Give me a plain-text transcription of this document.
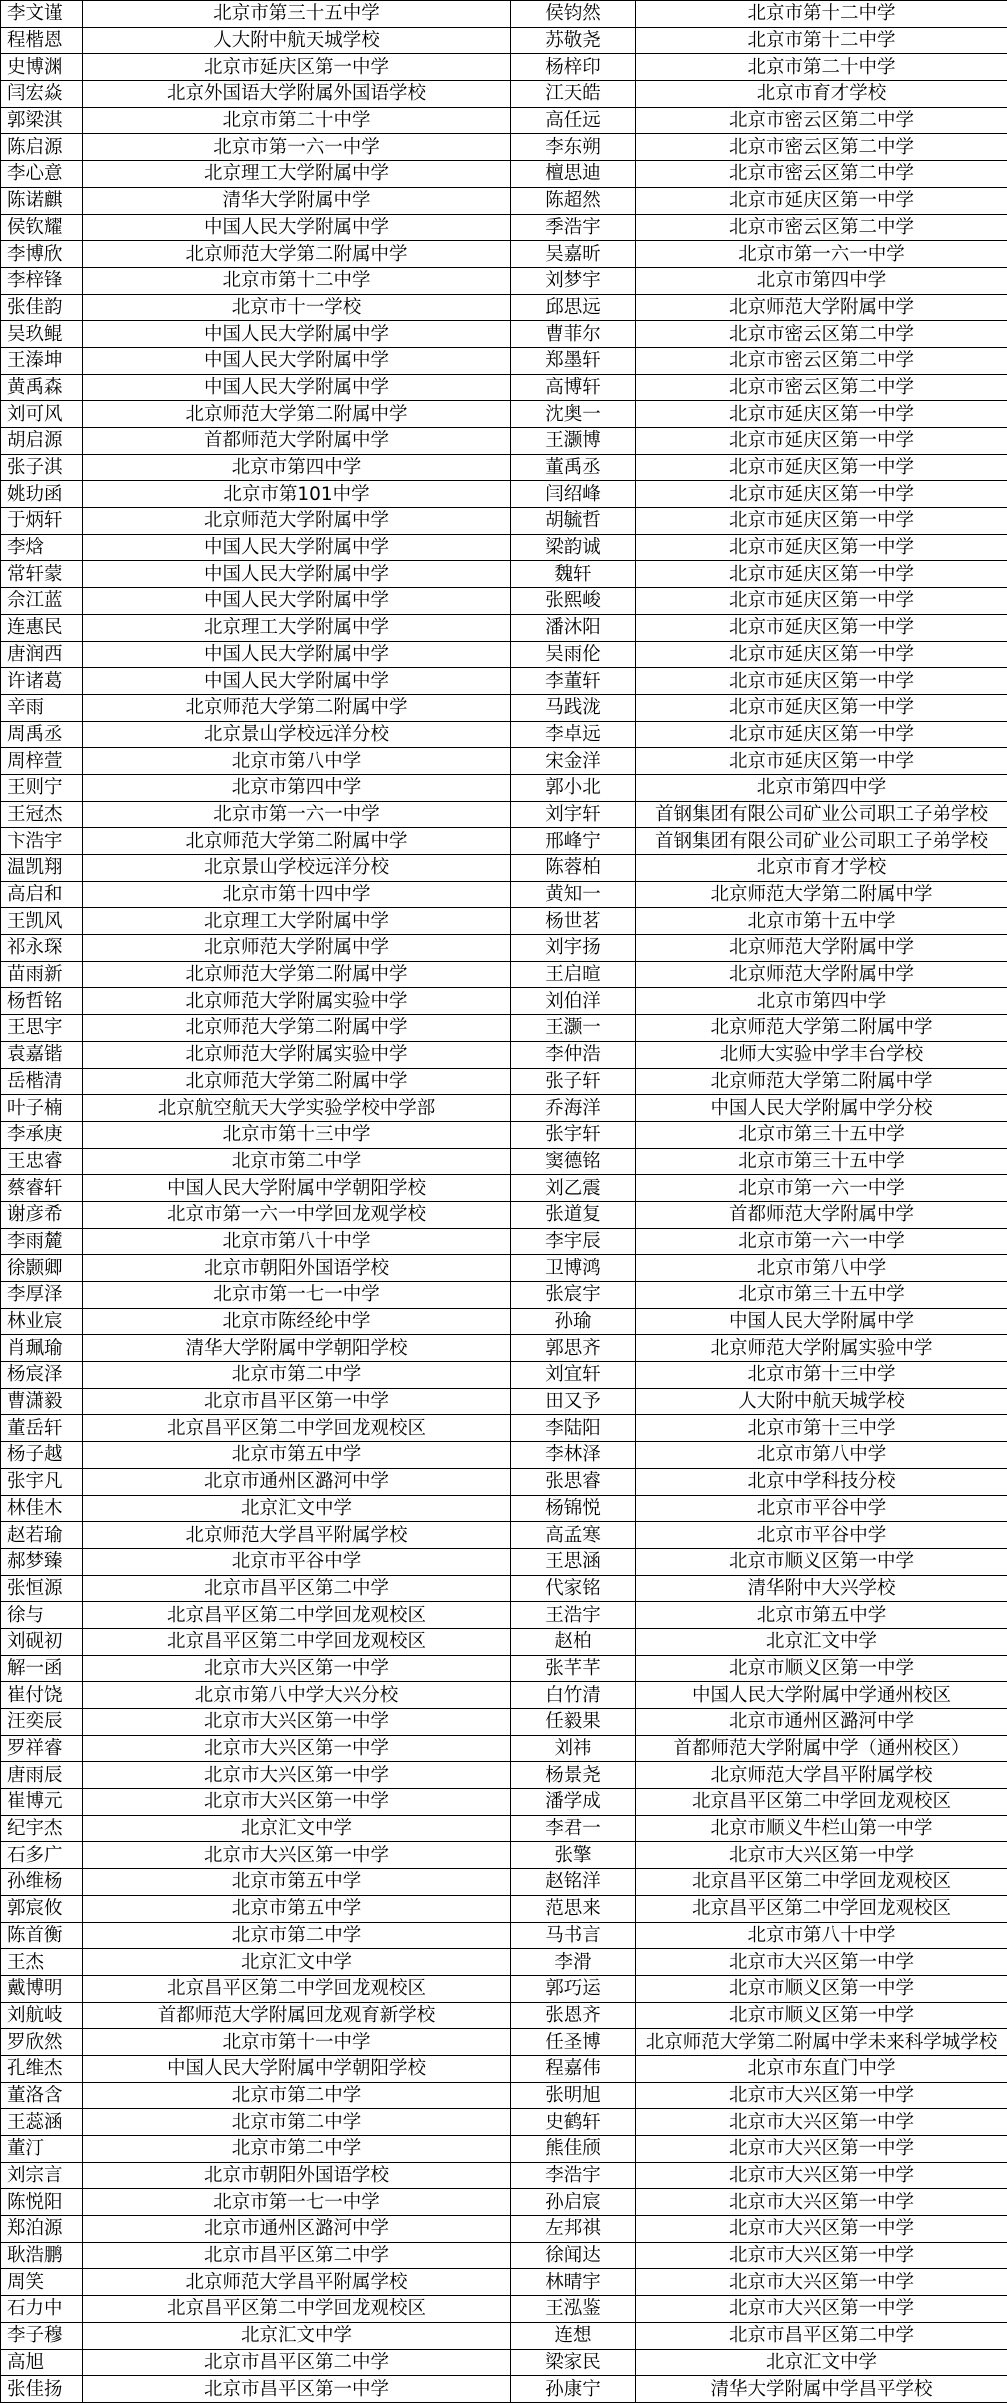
李文谨	北京市第三十五中学	侯钧然	北京市第十二中学
程楷恩	人大附中航天城学校	苏敬尧	北京市第十二中学
史博渊	北京市延庆区第一中学	杨梓印	北京市第二十中学
闫宏焱	北京外国语大学附属外国语学校	江天皓	北京市育才学校
郭梁淇	北京市第二十中学	高任远	北京市密云区第二中学
陈启源	北京市第一六一中学	李东朔	北京市密云区第二中学
李心意	北京理工大学附属中学	檀思迪	北京市密云区第二中学
陈诺麒	清华大学附属中学	陈超然	北京市延庆区第一中学
侯钦耀	中国人民大学附属中学	季浩宇	北京市密云区第二中学
李博欣	北京师范大学第二附属中学	吴嘉昕	北京市第一六一中学
李梓锋	北京市第十二中学	刘梦宇	北京市第四中学
张佳韵	北京市十一学校	邱思远	北京师范大学附属中学
吴玖鲲	中国人民大学附属中学	曹菲尔	北京市密云区第二中学
王溱坤	中国人民大学附属中学	郑墨轩	北京市密云区第二中学
黄禹森	中国人民大学附属中学	高博轩	北京市密云区第二中学
刘可风	北京师范大学第二附属中学	沈奥一	北京市延庆区第一中学
胡启源	首都师范大学附属中学	王灏博	北京市延庆区第一中学
张子淇	北京市第四中学	董禹丞	北京市延庆区第一中学
姚玏函	北京市第101中学	闫绍峰	北京市延庆区第一中学
于炳轩	北京师范大学附属中学	胡毓哲	北京市延庆区第一中学
李焓	中国人民大学附属中学	梁韵诚	北京市延庆区第一中学
常轩蒙	中国人民大学附属中学	魏轩	北京市延庆区第一中学
佘江蓝	中国人民大学附属中学	张熙峻	北京市延庆区第一中学
连惠民	北京理工大学附属中学	潘沐阳	北京市延庆区第一中学
唐润西	中国人民大学附属中学	吴雨伦	北京市延庆区第一中学
许诸葛	中国人民大学附属中学	李董轩	北京市延庆区第一中学
辛雨	北京师范大学第二附属中学	马践泷	北京市延庆区第一中学
周禹丞	北京景山学校远洋分校	李卓远	北京市延庆区第一中学
周梓萱	北京市第八中学	宋金洋	北京市延庆区第一中学
王则宁	北京市第四中学	郭小北	北京市第四中学
王冠杰	北京市第一六一中学	刘宇轩	首钢集团有限公司矿业公司职工子弟学校
卞浩宇	北京师范大学第二附属中学	邢峰宁	首钢集团有限公司矿业公司职工子弟学校
温凯翔	北京景山学校远洋分校	陈蓉柏	北京市育才学校
高启和	北京市第十四中学	黄知一	北京师范大学第二附属中学
王凯风	北京理工大学附属中学	杨世茗	北京市第十五中学
祁永琛	北京师范大学附属中学	刘宇扬	北京师范大学附属中学
苗雨新	北京师范大学第二附属中学	王启暄	北京师范大学附属中学
杨哲铭	北京师范大学附属实验中学	刘伯洋	北京市第四中学
王思宇	北京师范大学第二附属中学	王灏一	北京师范大学第二附属中学
袁嘉锴	北京师范大学附属实验中学	李仲浩	北师大实验中学丰台学校
岳楷清	北京师范大学第二附属中学	张子轩	北京师范大学第二附属中学
叶子楠	北京航空航天大学实验学校中学部	乔海洋	中国人民大学附属中学分校
李承庚	北京市第十三中学	张宇轩	北京市第三十五中学
王忠睿	北京市第二中学	窦德铭	北京市第三十五中学
蔡睿轩	中国人民大学附属中学朝阳学校	刘乙震	北京市第一六一中学
谢彦希	北京市第一六一中学回龙观学校	张道复	首都师范大学附属中学
李雨麓	北京市第八十中学	李宇辰	北京市第一六一中学
徐颢卿	北京市朝阳外国语学校	卫博鸿	北京市第八中学
李厚泽	北京市第一七一中学	张宸宇	北京市第三十五中学
林业宸	北京市陈经纶中学	孙瑜	中国人民大学附属中学
肖珮瑜	清华大学附属中学朝阳学校	郭思齐	北京师范大学附属实验中学
杨宸泽	北京市第二中学	刘宜轩	北京市第十三中学
曹潇毅	北京市昌平区第一中学	田又予	人大附中航天城学校
董岳轩	北京昌平区第二中学回龙观校区	李陆阳	北京市第十三中学
杨子越	北京市第五中学	李林泽	北京市第八中学
张宇凡	北京市通州区潞河中学	张思睿	北京中学科技分校
林佳木	北京汇文中学	杨锦悦	北京市平谷中学
赵若瑜	北京师范大学昌平附属学校	高孟寒	北京市平谷中学
郝梦臻	北京市平谷中学	王思涵	北京市顺义区第一中学
张恒源	北京市昌平区第二中学	代家铭	清华附中大兴学校
徐与	北京昌平区第二中学回龙观校区	王浩宇	北京市第五中学
刘砚初	北京昌平区第二中学回龙观校区	赵柏	北京汇文中学
解一函	北京市大兴区第一中学	张芊芊	北京市顺义区第一中学
崔付饶	北京市第八中学大兴分校	白竹清	中国人民大学附属中学通州校区
汪奕辰	北京市大兴区第一中学	任毅果	北京市通州区潞河中学
罗祥睿	北京市大兴区第一中学	刘祎	首都师范大学附属中学（通州校区）
唐雨辰	北京市大兴区第一中学	杨景尧	北京师范大学昌平附属学校
崔博元	北京市大兴区第一中学	潘学成	北京昌平区第二中学回龙观校区
纪宇杰	北京汇文中学	李君一	北京市顺义牛栏山第一中学
石多广	北京市大兴区第一中学	张擎	北京市大兴区第一中学
孙维杨	北京市第五中学	赵铭洋	北京昌平区第二中学回龙观校区
郭宸攸	北京市第五中学	范思来	北京昌平区第二中学回龙观校区
陈首衡	北京市第二中学	马书言	北京市第八十中学
王杰	北京汇文中学	李滑	北京市大兴区第一中学
戴博明	北京昌平区第二中学回龙观校区	郭巧运	北京市顺义区第一中学
刘航岐	首都师范大学附属回龙观育新学校	张恩齐	北京市顺义区第一中学
罗欣然	北京市第十一中学	任圣博	北京师范大学第二附属中学未来科学城学校
孔维杰	中国人民大学附属中学朝阳学校	程嘉伟	北京市东直门中学
董洛含	北京市第二中学	张明旭	北京市大兴区第一中学
王蕊涵	北京市第二中学	史鹤轩	北京市大兴区第一中学
董汀	北京市第二中学	熊佳颀	北京市大兴区第一中学
刘宗言	北京市朝阳外国语学校	李浩宇	北京市大兴区第一中学
陈悦阳	北京市第一七一中学	孙启宸	北京市大兴区第一中学
郑泊源	北京市通州区潞河中学	左邦祺	北京市大兴区第一中学
耿浩鹏	北京市昌平区第二中学	徐闻达	北京市大兴区第一中学
周笑	北京师范大学昌平附属学校	林晴宇	北京市大兴区第一中学
石力中	北京昌平区第二中学回龙观校区	王泓鉴	北京市大兴区第一中学
李子穆	北京汇文中学	连想	北京市昌平区第二中学
高旭	北京市昌平区第二中学	梁家民	北京汇文中学
张佳扬	北京市昌平区第一中学	孙康宁	清华大学附属中学昌平学校
